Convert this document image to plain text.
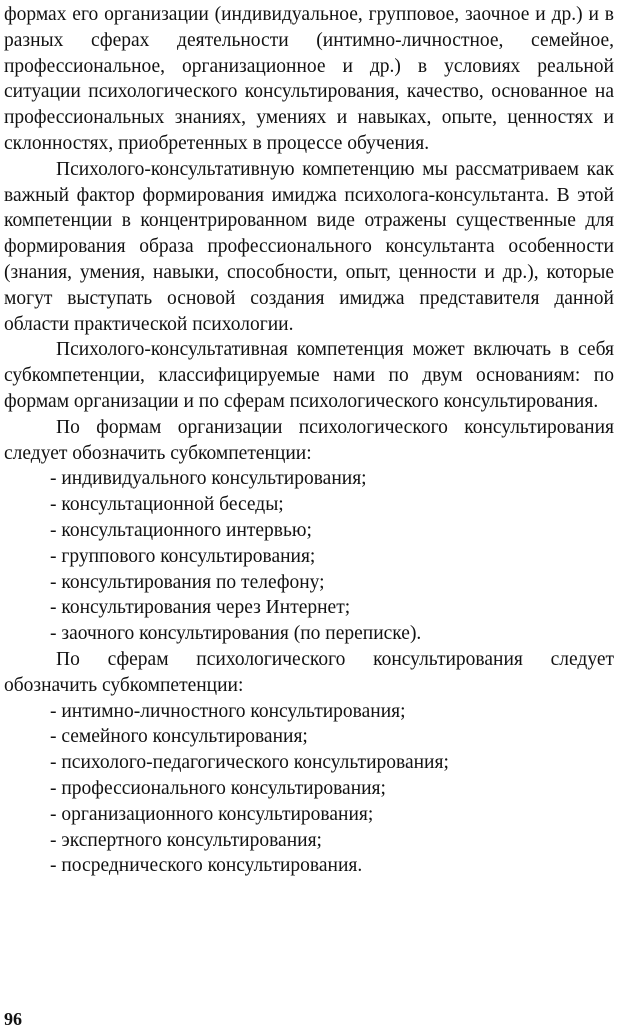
формах его организации (индивидуальное, групповое, заочное и др.) и в разных сферах деятельности (интимно-личностное, семейное, профессиональное, организационное и др.) в условиях реальной ситуации психологического консультирования, качество, основанное на профессиональных знаниях, умениях и навыках, опыте, ценностях и склонностях, приобретенных в процессе обучения.

Психолого-консультативную компетенцию мы рассматриваем как важный фактор формирования имиджа психолога-консультанта. В этой компетенции в концентрированном виде отражены существенные для формирования образа профессионального консультанта особенности (знания, умения, навыки, способности, опыт, ценности и др.), которые могут выступать основой создания имиджа представителя данной области практической психологии.

Психолого-консультативная компетенция может включать в себя субкомпетенции, классифицируемые нами по двум основаниям: по формам организации и по сферам психологического консультирования.

По формам организации психологического консультирования следует обозначить субкомпетенции:

- индивидуального консультирования;
- консультационной беседы;
- консультационного интервью;
- группового консультирования;
- консультирования по телефону;
- консультирования через Интернет;
- заочного консультирования (по переписке).

По сферам психологического консультирования следует обозначить субкомпетенции:

- интимно-личностного консультирования;
- семейного консультирования;
- психолого-педагогического консультирования;
- профессионального консультирования;
- организационного консультирования;
- экспертного консультирования;
- посреднического консультирования.
96
